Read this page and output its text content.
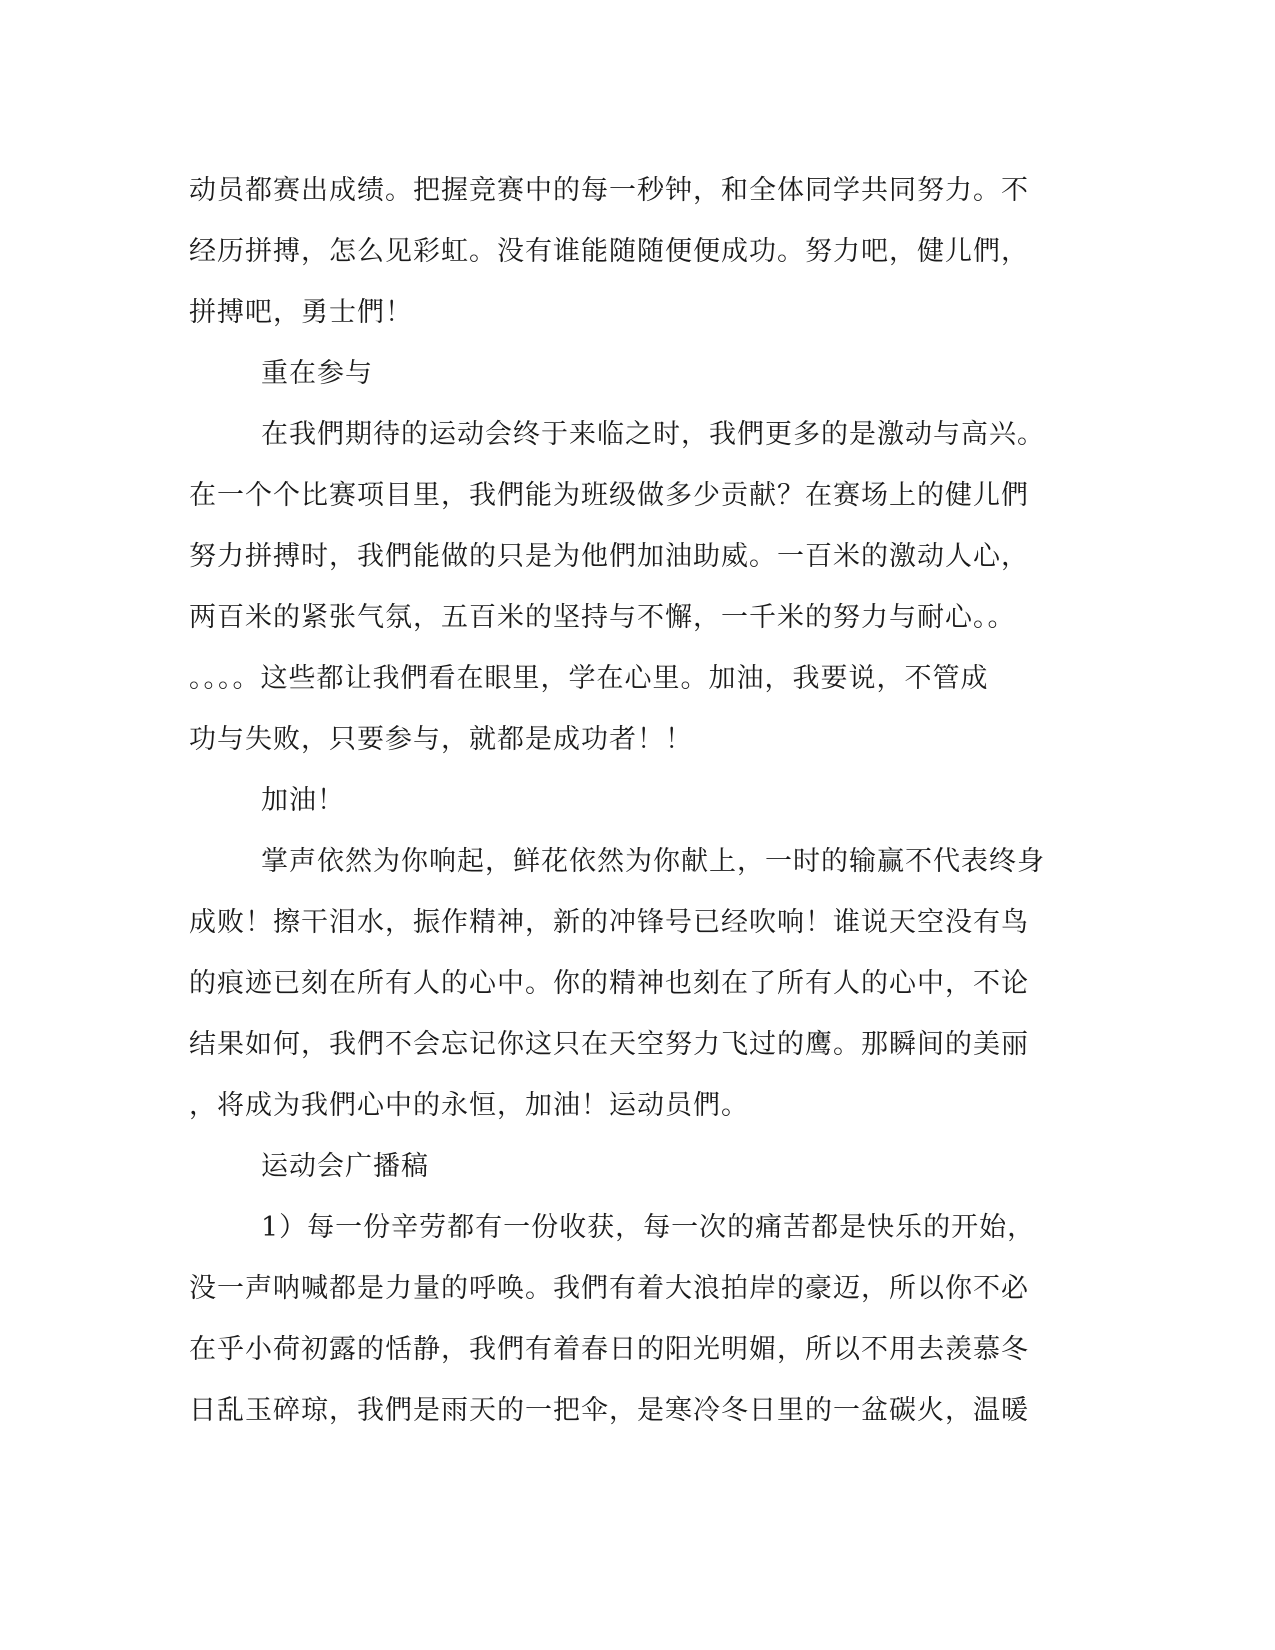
动员都赛出成绩。把握竞赛中的每一秒钟，和全体同学共同努力。不
经历拼搏，怎么见彩虹。没有谁能随随便便成功。努力吧，健儿們，
拼搏吧，勇士們！
重在参与
在我們期待的运动会终于来临之时，我們更多的是激动与高兴。
在一个个比赛项目里，我們能为班级做多少贡献？在赛场上的健儿們
努力拼搏时，我們能做的只是为他們加油助威。一百米的激动人心，
两百米的紧张气氛，五百米的坚持与不懈，一千米的努力与耐心。。
。。。。这些都让我們看在眼里，学在心里。加油，我要说，不管成
功与失败，只要参与，就都是成功者！！
加油！
掌声依然为你响起，鲜花依然为你献上，一时的输赢不代表终身
成败！擦干泪水，振作精神，新的冲锋号已经吹响！谁说天空没有鸟
的痕迹已刻在所有人的心中。你的精神也刻在了所有人的心中，不论
结果如何，我們不会忘记你这只在天空努力飞过的鹰。那瞬间的美丽
，将成为我們心中的永恒，加油！运动员們。
运动会广播稿
1）每一份辛劳都有一份收获，每一次的痛苦都是快乐的开始，
没一声呐喊都是力量的呼唤。我們有着大浪拍岸的豪迈，所以你不必
在乎小荷初露的恬静，我們有着春日的阳光明媚，所以不用去羡慕冬
日乱玉碎琼，我們是雨天的一把伞，是寒冷冬日里的一盆碳火，温暖
